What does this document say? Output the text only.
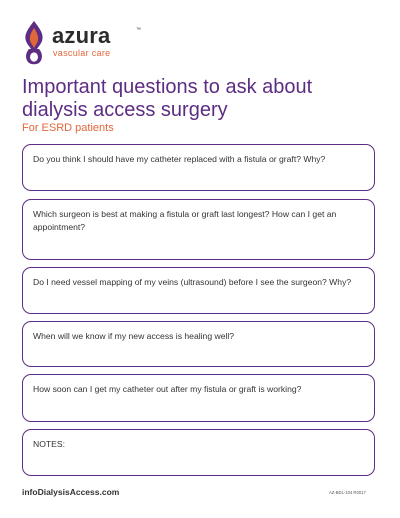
azura	™
vascular care
Important questions to ask about dialysis access surgery
For ESRD patients
Do you think I should have my catheter replaced with a fistula or graft? Why?
Which surgeon is best at making a fistula or graft last longest? How can I get an appointment?
Do I need vessel mapping of my veins (ultrasound) before I see the surgeon? Why?
When will we know if my new access is healing well?
How soon can I get my catheter out after my fistula or graft is working?
NOTES:
infoDialysisAccess.com	AZ-BDL-104 R0017
